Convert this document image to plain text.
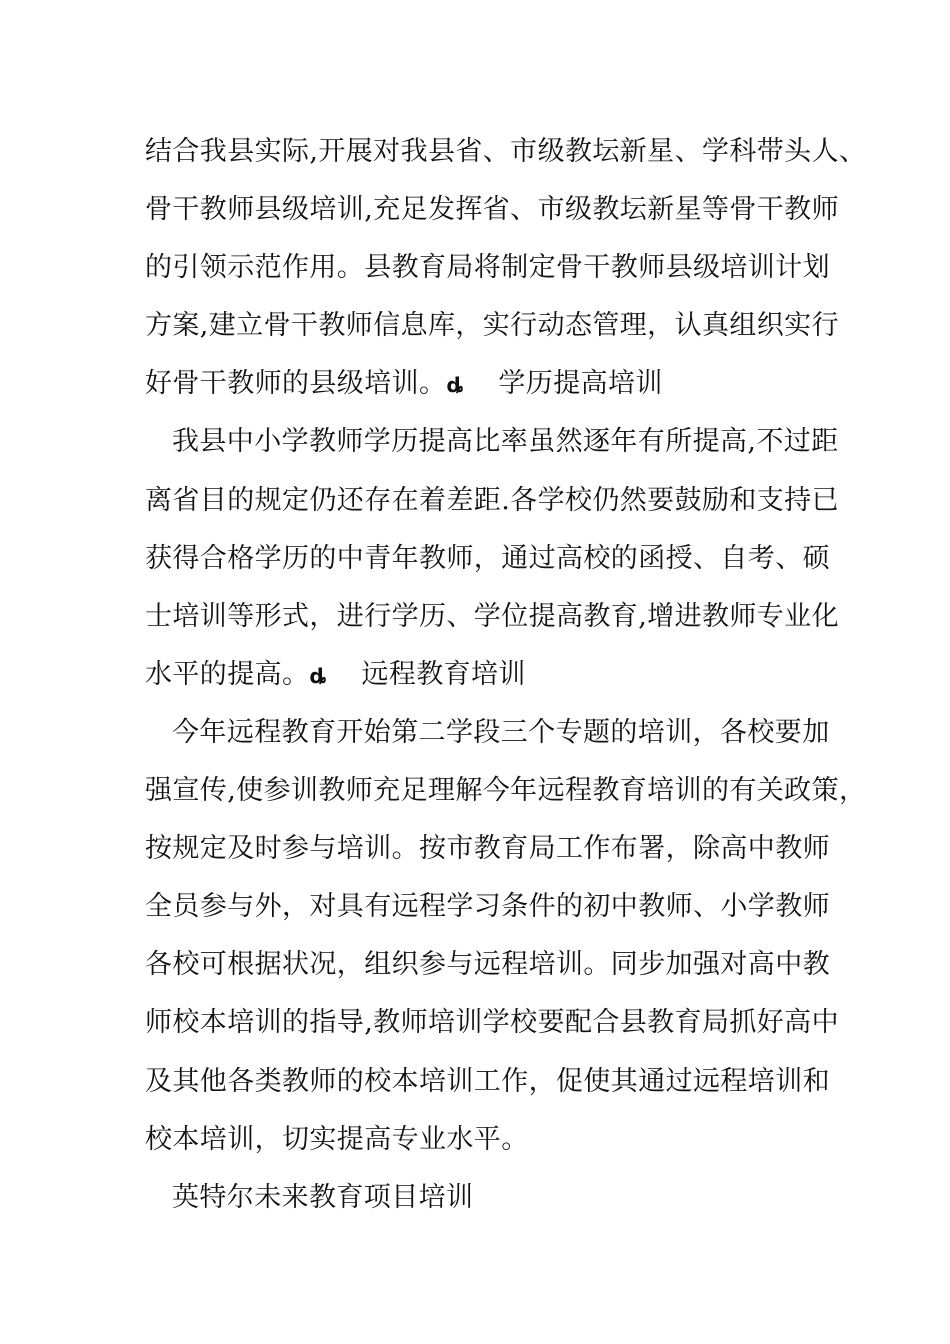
结合我县实际,开展对我县省、市级教坛新星、学科带头人、
骨干教师县级培训,充足发挥省、市级教坛新星等骨干教师
的引领示范作用。县教育局将制定骨干教师县级培训计划
方案,建立骨干教师信息库，实行动态管理，认真组织实行
好骨干教师的县级培训。ȡ 学历提高培训
我县中小学教师学历提高比率虽然逐年有所提高,不过距
离省目的规定仍还存在着差距.各学校仍然要鼓励和支持已
获得合格学历的中青年教师，通过高校的函授、自考、硕
士培训等形式，进行学历、学位提高教育,增进教师专业化
水平的提高。ȡ 远程教育培训
今年远程教育开始第二学段三个专题的培训，各校要加
强宣传,使参训教师充足理解今年远程教育培训的有关政策，
按规定及时参与培训。按市教育局工作布署，除高中教师
全员参与外，对具有远程学习条件的初中教师、小学教师
各校可根据状况，组织参与远程培训。同步加强对高中教
师校本培训的指导,教师培训学校要配合县教育局抓好高中
及其他各类教师的校本培训工作，促使其通过远程培训和
校本培训，切实提高专业水平。
英特尔未来教育项目培训
